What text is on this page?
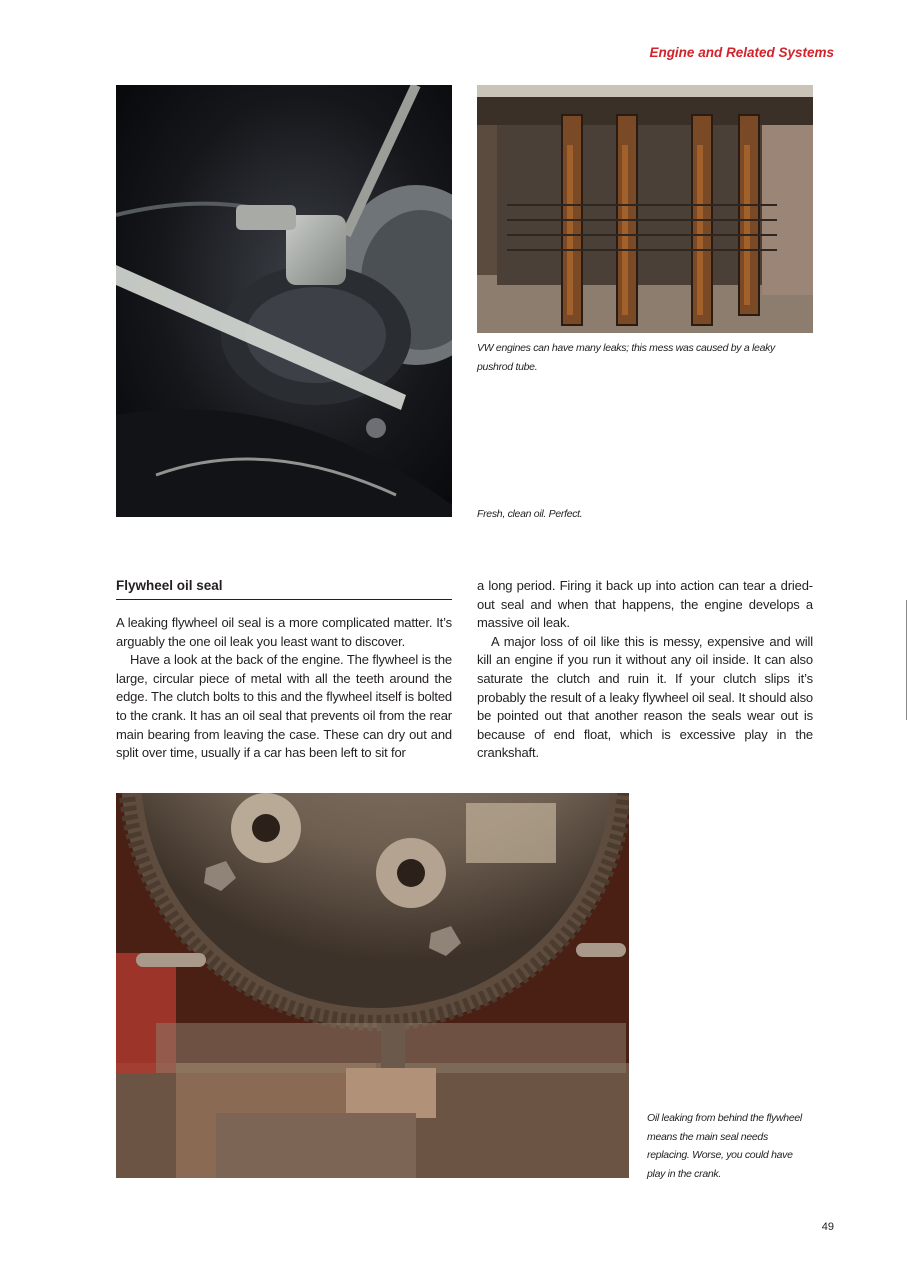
Engine and Related Systems
VW engines can have many leaks; this mess was caused by a leaky pushrod tube.
Fresh, clean oil. Perfect.
Flywheel oil seal

A leaking flywheel oil seal is a more complicated matter. It’s arguably the one oil leak you least want to discover.

Have a look at the back of the engine. The flywheel is the large, circular piece of metal with all the teeth around the edge. The clutch bolts to this and the flywheel itself is bolted to the crank. It has an oil seal that prevents oil from the rear main bearing from leaving the case. These can dry out and split over time, usually if a car has been left to sit for

a long period. Firing it back up into action can tear a dried-out seal and when that happens, the engine develops a massive oil leak.

A major loss of oil like this is messy, expensive and will kill an engine if you run it without any oil inside. It can also saturate the clutch and ruin it. If your clutch slips it’s probably the result of a leaky flywheel oil seal. It should also be pointed out that another reason the seals wear out is because of end float, which is excessive play in the crankshaft.

Oil leaking from behind the flywheel means the main seal needs replacing. Worse, you could have play in the crank.
49
